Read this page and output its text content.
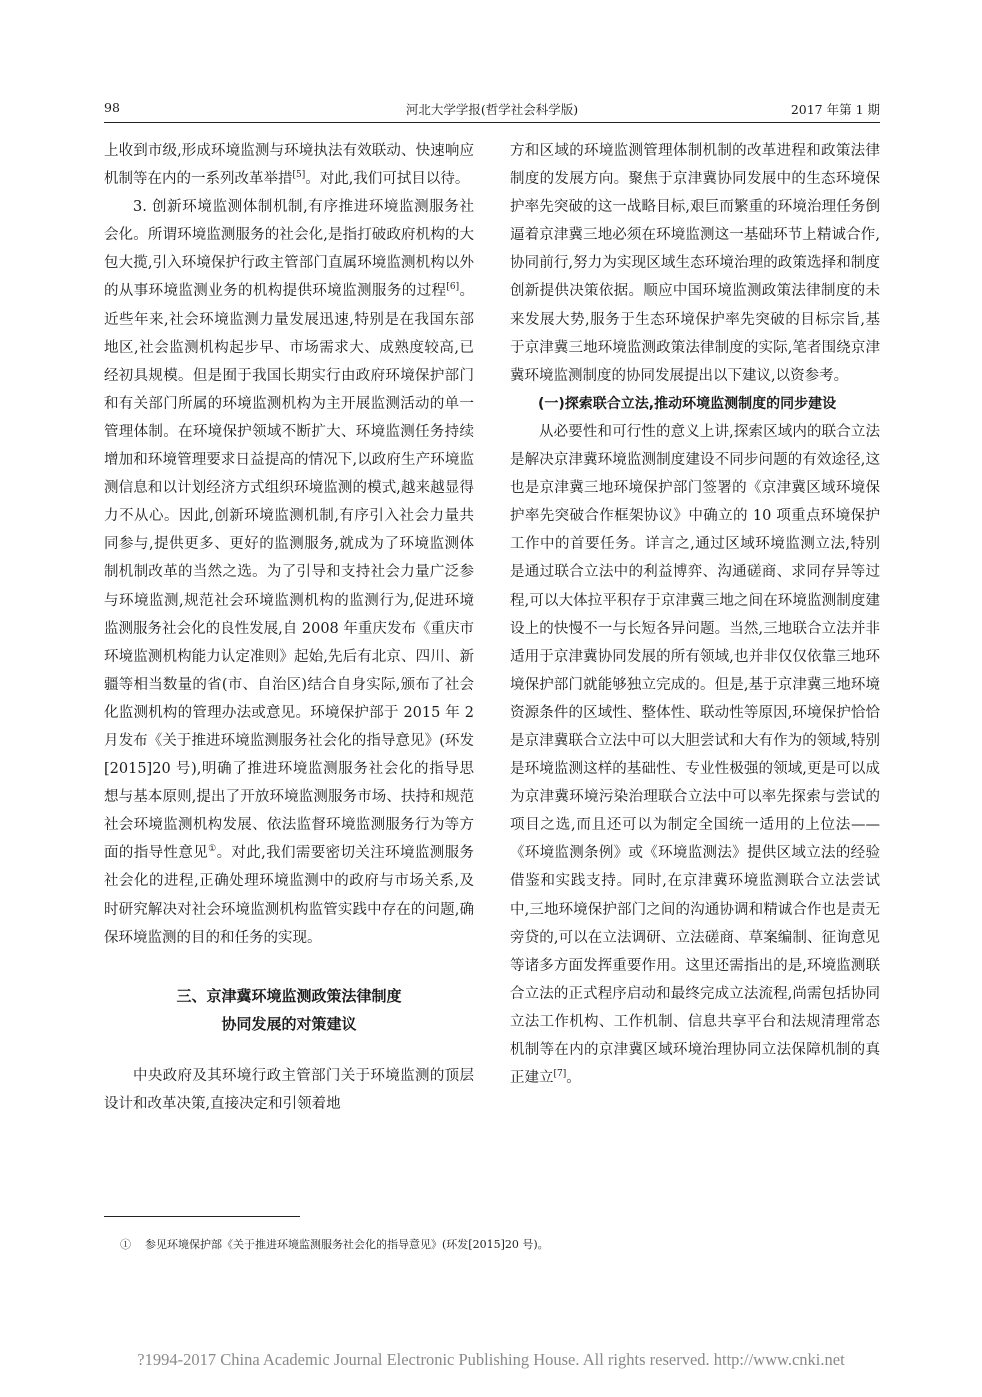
98	河北大学学报(哲学社会科学版)	2017 年第 1 期

上收到市级,形成环境监测与环境执法有效联动、快速响应机制等在内的一系列改革举措[5]。对此,我们可拭目以待。

3. 创新环境监测体制机制,有序推进环境监测服务社会化。所谓环境监测服务的社会化,是指打破政府机构的大包大揽,引入环境保护行政主管部门直属环境监测机构以外的从事环境监测业务的机构提供环境监测服务的过程[6]。近些年来,社会环境监测力量发展迅速,特别是在我国东部地区,社会监测机构起步早、市场需求大、成熟度较高,已经初具规模。但是囿于我国长期实行由政府环境保护部门和有关部门所属的环境监测机构为主开展监测活动的单一管理体制。在环境保护领域不断扩大、环境监测任务持续增加和环境管理要求日益提高的情况下,以政府生产环境监测信息和以计划经济方式组织环境监测的模式,越来越显得力不从心。因此,创新环境监测机制,有序引入社会力量共同参与,提供更多、更好的监测服务,就成为了环境监测体制机制改革的当然之选。为了引导和支持社会力量广泛参与环境监测,规范社会环境监测机构的监测行为,促进环境监测服务社会化的良性发展,自 2008 年重庆发布《重庆市环境监测机构能力认定准则》起始,先后有北京、四川、新疆等相当数量的省(市、自治区)结合自身实际,颁布了社会化监测机构的管理办法或意见。环境保护部于 2015 年 2 月发布《关于推进环境监测服务社会化的指导意见》(环发[2015]20 号),明确了推进环境监测服务社会化的指导思想与基本原则,提出了开放环境监测服务市场、扶持和规范社会环境监测机构发展、依法监督环境监测服务行为等方面的指导性意见①。对此,我们需要密切关注环境监测服务社会化的进程,正确处理环境监测中的政府与市场关系,及时研究解决对社会环境监测机构监管实践中存在的问题,确保环境监测的目的和任务的实现。

三、京津冀环境监测政策法律制度
协同发展的对策建议

中央政府及其环境行政主管部门关于环境监测的顶层设计和改革决策,直接决定和引领着地

方和区域的环境监测管理体制机制的改革进程和政策法律制度的发展方向。聚焦于京津冀协同发展中的生态环境保护率先突破的这一战略目标,艰巨而繁重的环境治理任务倒逼着京津冀三地必须在环境监测这一基础环节上精诚合作,协同前行,努力为实现区域生态环境治理的政策选择和制度创新提供决策依据。顺应中国环境监测政策法律制度的未来发展大势,服务于生态环境保护率先突破的目标宗旨,基于京津冀三地环境监测政策法律制度的实际,笔者围绕京津冀环境监测制度的协同发展提出以下建议,以资参考。

(一)探索联合立法,推动环境监测制度的同步建设

从必要性和可行性的意义上讲,探索区域内的联合立法是解决京津冀环境监测制度建设不同步问题的有效途径,这也是京津冀三地环境保护部门签署的《京津冀区域环境保护率先突破合作框架协议》中确立的 10 项重点环境保护工作中的首要任务。详言之,通过区域环境监测立法,特别是通过联合立法中的利益博弈、沟通磋商、求同存异等过程,可以大体拉平积存于京津冀三地之间在环境监测制度建设上的快慢不一与长短各异问题。当然,三地联合立法并非适用于京津冀协同发展的所有领域,也并非仅仅依靠三地环境保护部门就能够独立完成的。但是,基于京津冀三地环境资源条件的区域性、整体性、联动性等原因,环境保护恰恰是京津冀联合立法中可以大胆尝试和大有作为的领域,特别是环境监测这样的基础性、专业性极强的领域,更是可以成为京津冀环境污染治理联合立法中可以率先探索与尝试的项目之选,而且还可以为制定全国统一适用的上位法——《环境监测条例》或《环境监测法》提供区域立法的经验借鉴和实践支持。同时,在京津冀环境监测联合立法尝试中,三地环境保护部门之间的沟通协调和精诚合作也是责无旁贷的,可以在立法调研、立法磋商、草案编制、征询意见等诸多方面发挥重要作用。这里还需指出的是,环境监测联合立法的正式程序启动和最终完成立法流程,尚需包括协同立法工作机构、工作机制、信息共享平台和法规清理常态机制等在内的京津冀区域环境治理协同立法保障机制的真正建立[7]。

① 参见环境保护部《关于推进环境监测服务社会化的指导意见》(环发[2015]20 号)。
?1994-2017 China Academic Journal Electronic Publishing House. All rights reserved. http://www.cnki.net
